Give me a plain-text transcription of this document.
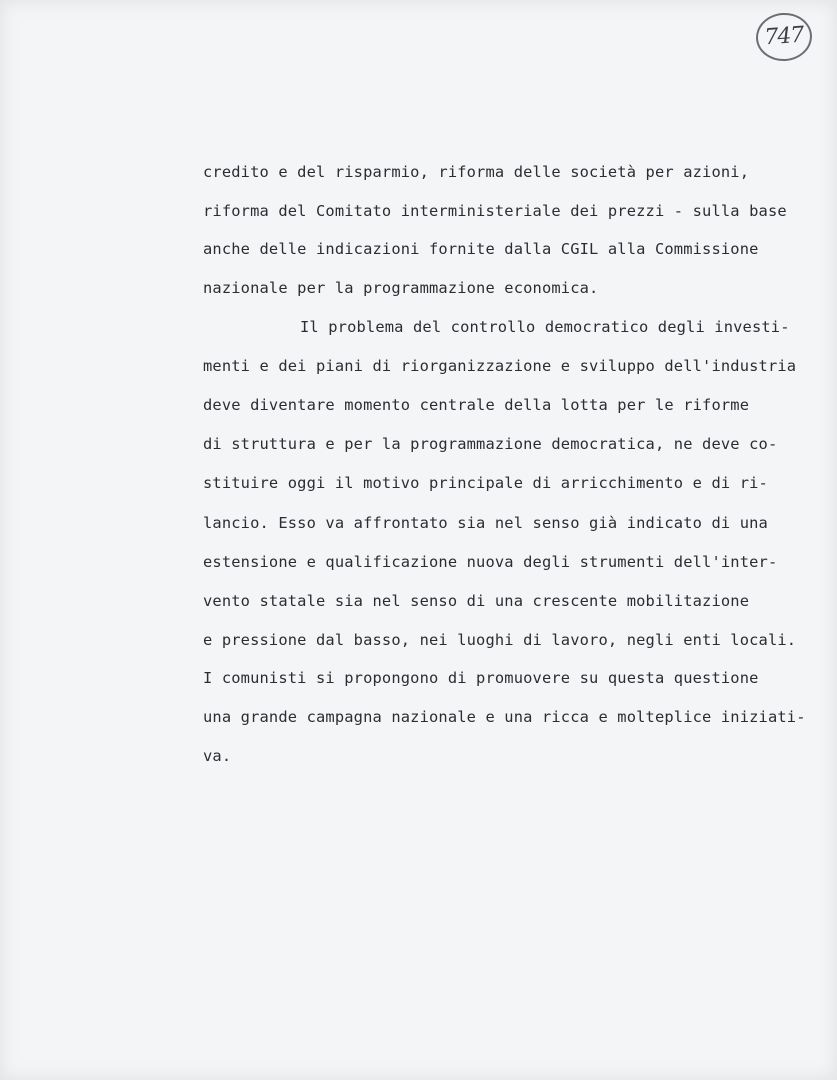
747
credito e del risparmio, riforma delle società per azioni,
riforma del Comitato interministeriale dei prezzi - sulla base
anche delle indicazioni fornite dalla CGIL alla Commissione
nazionale per la programmazione economica.
Il problema del controllo democratico degli investi-
menti e dei piani di riorganizzazione e sviluppo dell'industria
deve diventare momento centrale della lotta per le riforme
di struttura e per la programmazione democratica, ne deve co-
stituire oggi il motivo principale di arricchimento e di ri-
lancio. Esso va affrontato sia nel senso già indicato di una
estensione e qualificazione nuova degli strumenti dell'inter-
vento statale sia nel senso di una crescente mobilitazione
e pressione dal basso, nei luoghi di lavoro, negli enti locali.
I comunisti si propongono di promuovere su questa questione
una grande campagna nazionale e una ricca e molteplice iniziati-
va.
